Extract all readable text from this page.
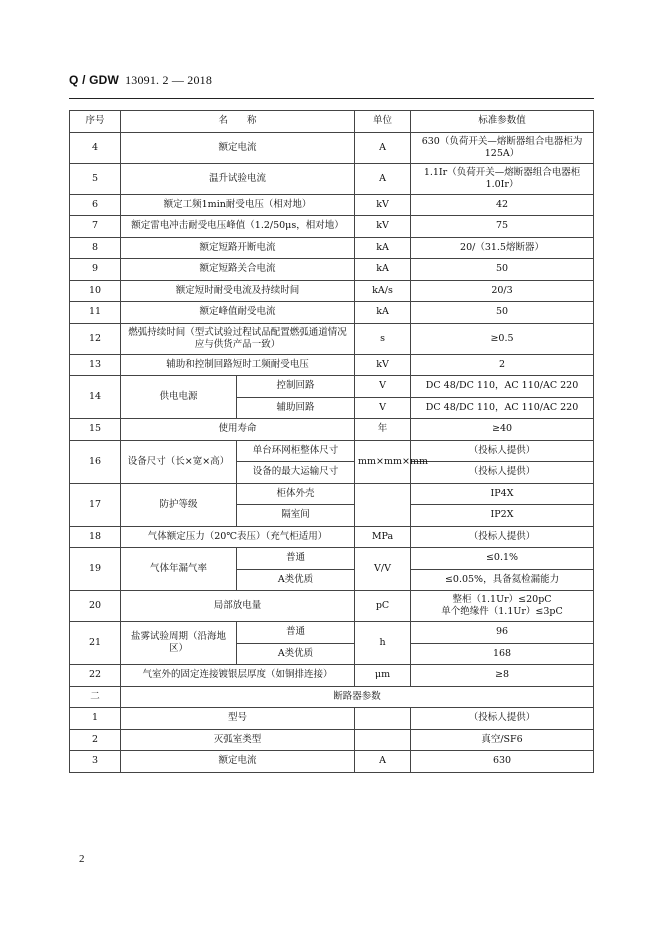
Q / GDW 13091. 2 — 2018
序号	名　　称		单位	标准参数值
4	额定电流		A	630（负荷开关—熔断器组合电器柜为125A）
5	温升试验电流		A	1.1Ir（负荷开关—熔断器组合电器柜1.0Ir）
6	额定工频1min耐受电压（相对地）		kV	42
7	额定雷电冲击耐受电压峰值（1.2/50μs，相对地）		kV	75
8	额定短路开断电流		kA	20/（31.5熔断器）
9	额定短路关合电流		kA	50
10	额定短时耐受电流及持续时间		kA/s	20/3
11	额定峰值耐受电流		kA	50
12	燃弧持续时间（型式试验过程试品配置燃弧通道情况应与供货产品一致）		s	≥0.5
13	辅助和控制回路短时工频耐受电压		kV	2
14	供电电源	控制回路	V	DC 48/DC 110，AC 110/AC 220
		辅助回路	V	DC 48/DC 110，AC 110/AC 220
15	使用寿命		年	≥40
16	设备尺寸（长×宽×高）	单台环网柜整体尺寸	mm×mm×mm	（投标人提供）
		设备的最大运输尺寸		（投标人提供）
17	防护等级	柜体外壳		IP4X
		隔室间		IP2X
18	气体额定压力（20℃表压）（充气柜适用）		MPa	（投标人提供）
19	气体年漏气率	普通	V/V	≤0.1%
		A类优质		≤0.05%，具备氦检漏能力
20	局部放电量		pC	整柜（1.1Ur）≤20pC
单个绝缘件（1.1Ur）≤3pC
21	盐雾试验周期（沿海地区）	普通	h	96
		A类优质		168
22	气室外的固定连接镀银层厚度（如铜排连接）		μm	≥8
二	断路器参数			
1	型号			（投标人提供）
2	灭弧室类型			真空/SF6
3	额定电流		A	630
2
